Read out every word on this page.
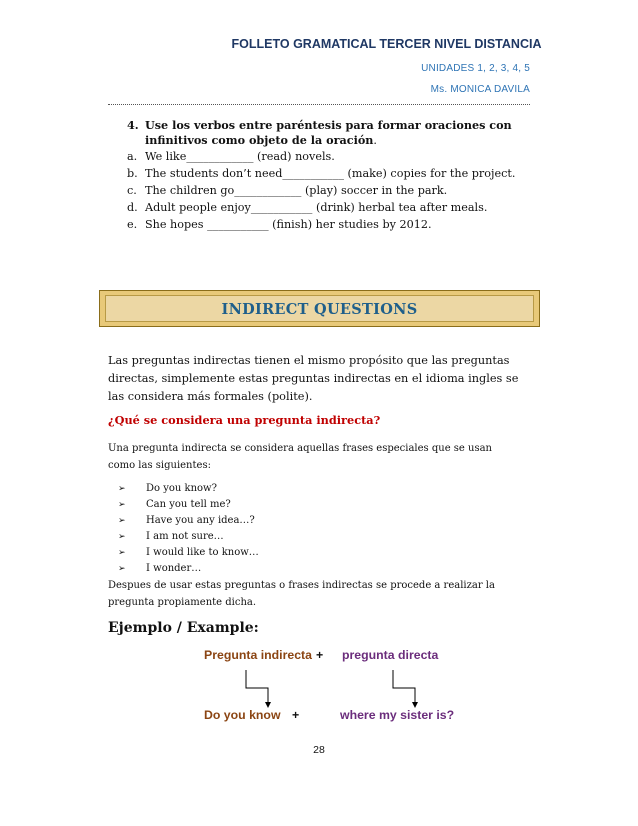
FOLLETO GRAMATICAL TERCER NIVEL DISTANCIA
UNIDADES 1, 2, 3, 4, 5
Ms. MONICA DAVILA
4. Use los verbos entre paréntesis para formar oraciones con
infinitivos como objeto de la oración.
a. We like____________ (read) novels.
b. The students don’t need___________ (make) copies for the project.
c. The children go____________ (play) soccer in the park.
d. Adult people enjoy___________ (drink) herbal tea after meals.
e. She hopes ___________ (finish) her studies by 2012.
INDIRECT QUESTIONS
Las preguntas indirectas tienen el mismo propósito que las preguntas
directas, simplemente estas preguntas indirectas en el idioma ingles se
las considera más formales (polite).
¿Qué se considera una pregunta indirecta?
Una pregunta indirecta se considera aquellas frases especiales que se usan
como las siguientes:
➢ Do you know?
➢ Can you tell me?
➢ Have you any idea…?
➢ I am not sure…
➢ I would like to know…
➢ I wonder…
Despues de usar estas preguntas o frases indirectas se procede a realizar la
pregunta propiamente dicha.
Ejemplo / Example:
Pregunta indirecta + pregunta directa
Do you know +	where my sister is?
28
